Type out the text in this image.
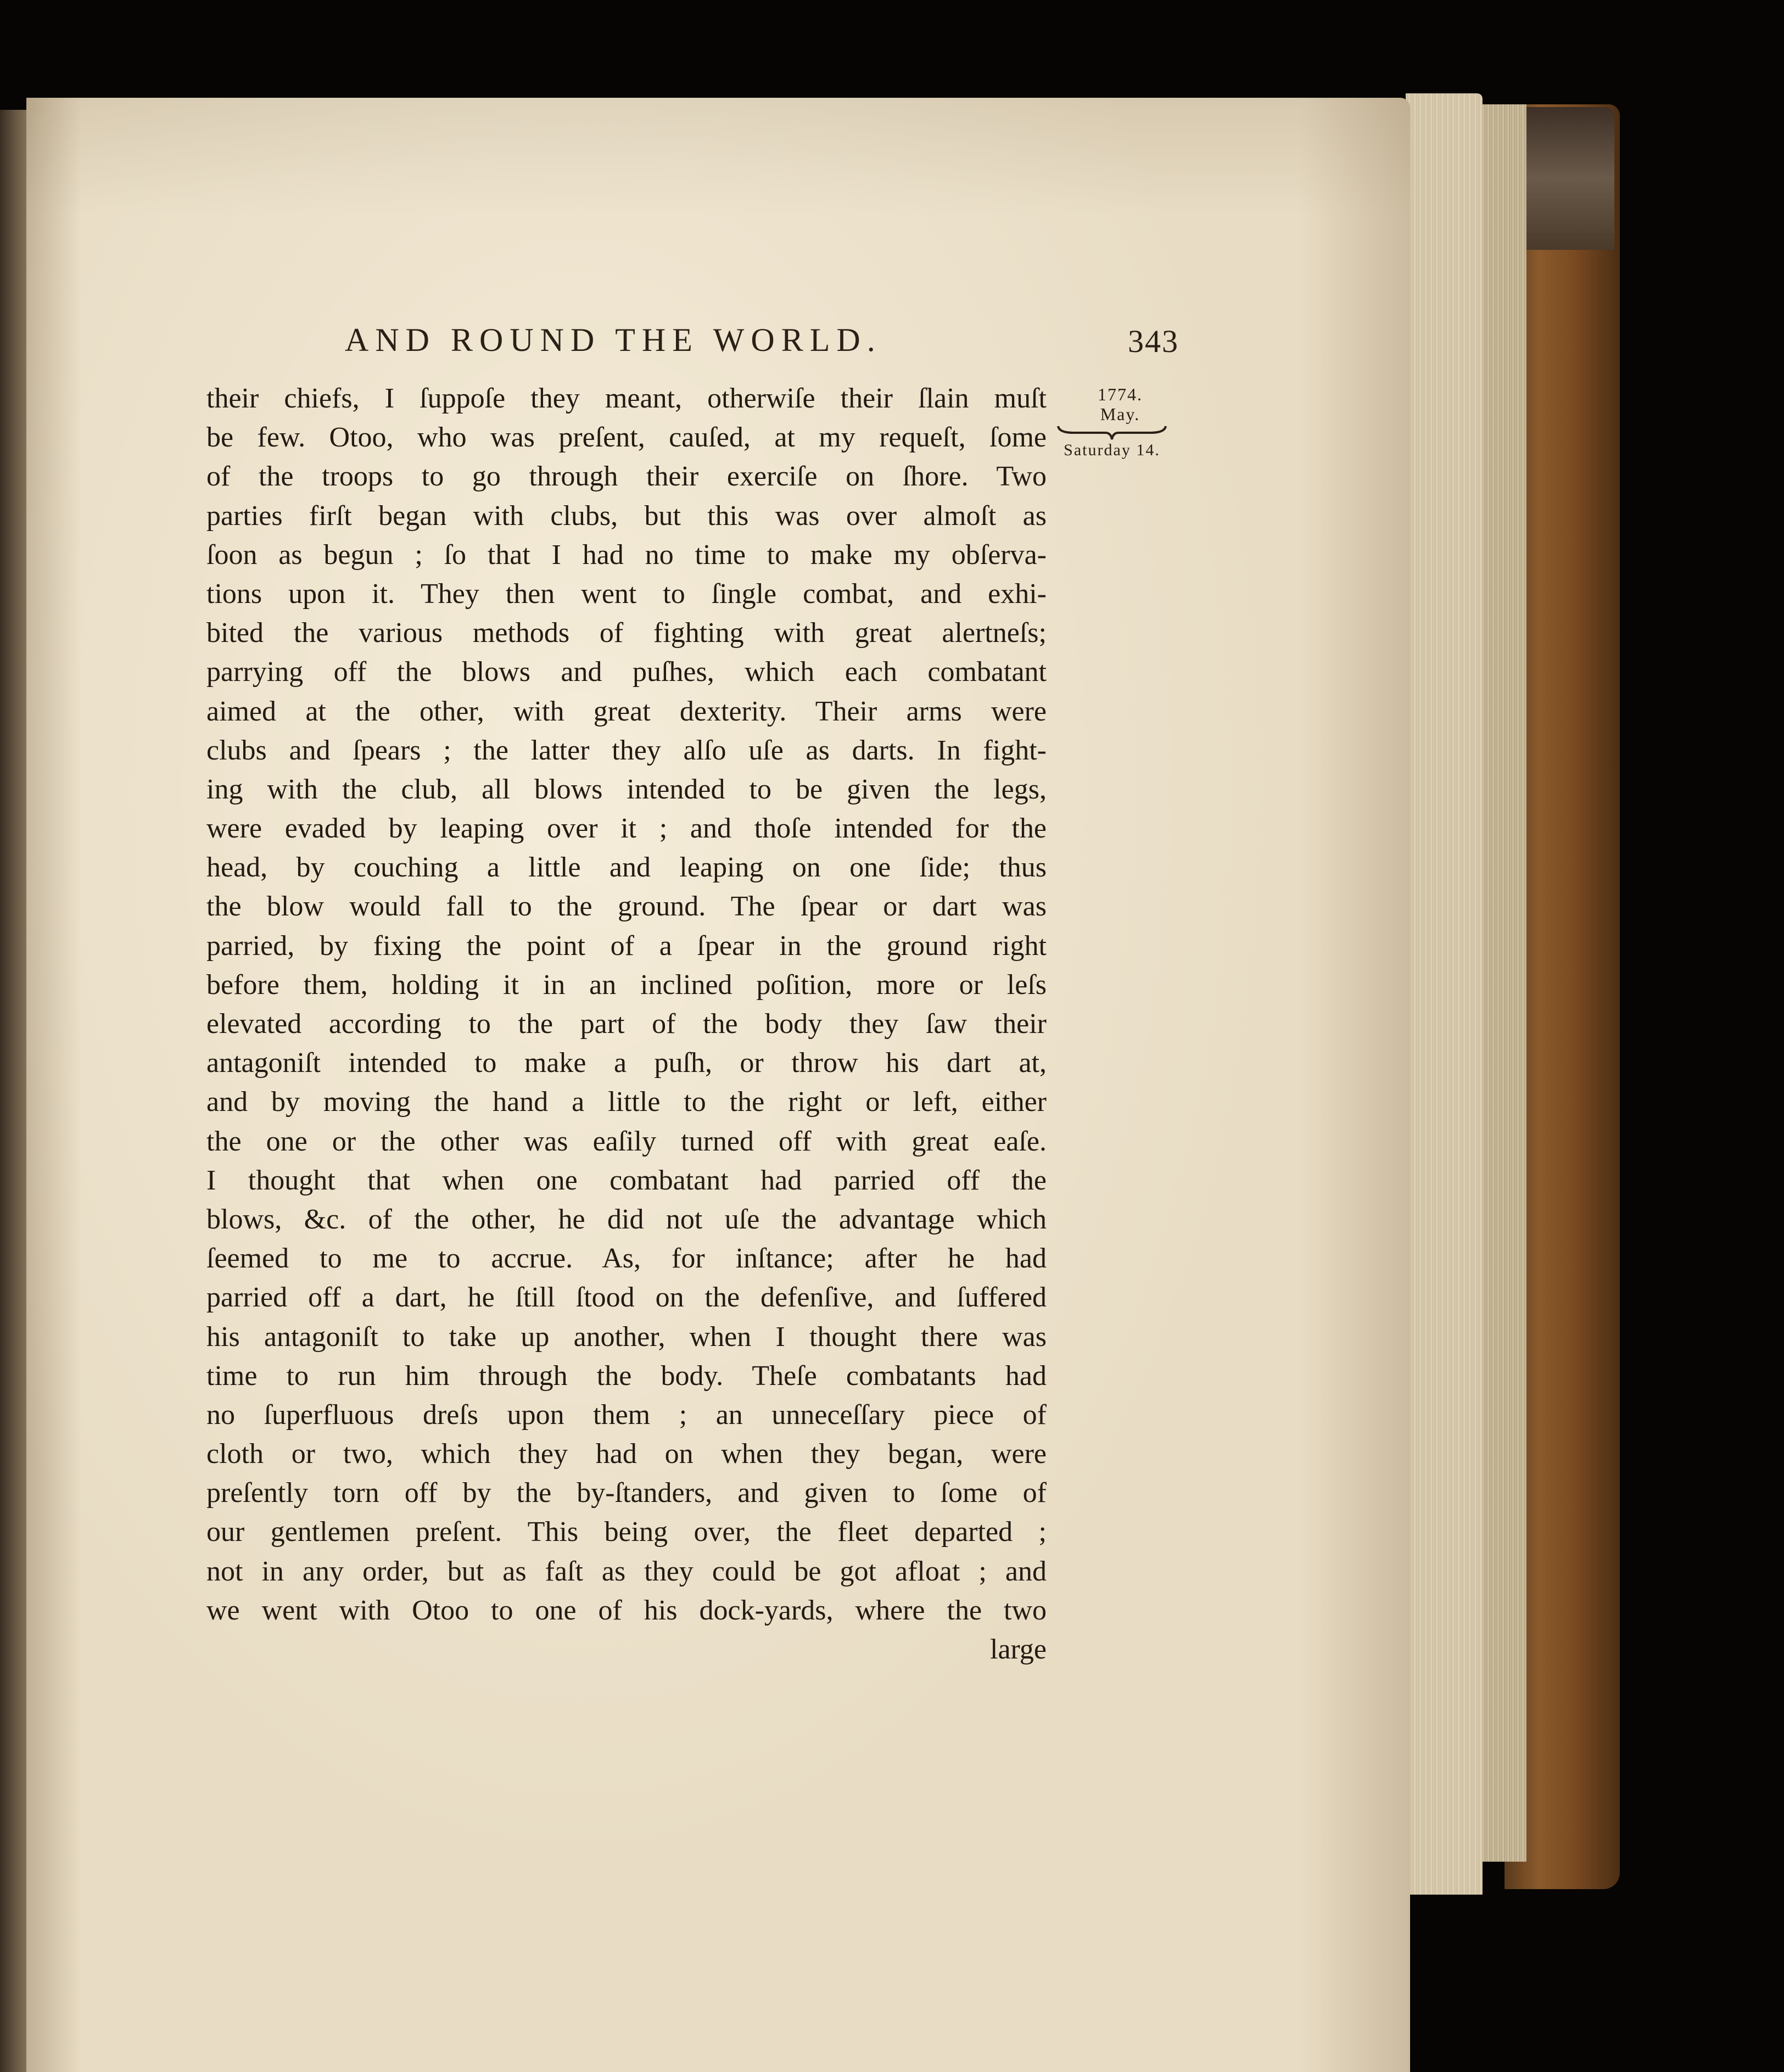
AND ROUND THE WORLD.	343
1774.
May.
Saturday 14.
their chiefs, I ſuppoſe they meant, otherwiſe their ſlain muſt
be few. Otoo, who was preſent, cauſed, at my requeſt, ſome
of the troops to go through their exerciſe on ſhore. Two
parties firſt began with clubs, but this was over almoſt as
ſoon as begun ; ſo that I had no time to make my obſerva-
tions upon it. They then went to ſingle combat, and exhi-
bited the various methods of fighting with great alertneſs;
parrying off the blows and puſhes, which each combatant
aimed at the other, with great dexterity. Their arms were
clubs and ſpears ; the latter they alſo uſe as darts. In fight-
ing with the club, all blows intended to be given the legs,
were evaded by leaping over it ; and thoſe intended for the
head, by couching a little and leaping on one ſide; thus
the blow would fall to the ground. The ſpear or dart was
parried, by fixing the point of a ſpear in the ground right
before them, holding it in an inclined poſition, more or leſs
elevated according to the part of the body they ſaw their
antagoniſt intended to make a puſh, or throw his dart at,
and by moving the hand a little to the right or left, either
the one or the other was eaſily turned off with great eaſe.
I thought that when one combatant had parried off the
blows, &c. of the other, he did not uſe the advantage which
ſeemed to me to accrue. As, for inſtance; after he had
parried off a dart, he ſtill ſtood on the defenſive, and ſuffered
his antagoniſt to take up another, when I thought there was
time to run him through the body. Theſe combatants had
no ſuperfluous dreſs upon them ; an unneceſſary piece of
cloth or two, which they had on when they began, were
preſently torn off by the by-ſtanders, and given to ſome of
our gentlemen preſent. This being over, the fleet departed ;
not in any order, but as faſt as they could be got afloat ; and
we went with Otoo to one of his dock-yards, where the two
large
